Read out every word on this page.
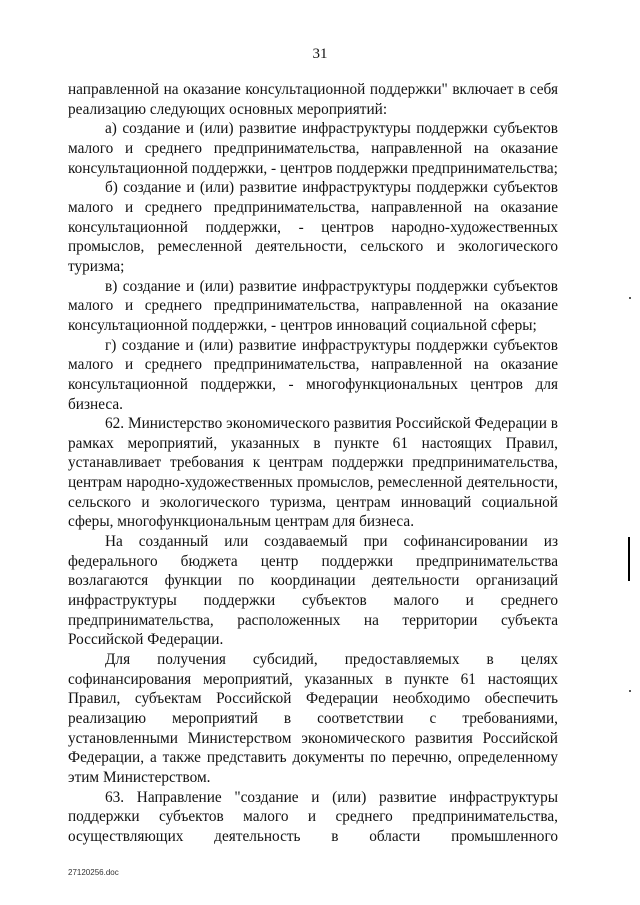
31

направленной на оказание консультационной поддержки" включает в себя реализацию следующих основных мероприятий:

а) создание и (или) развитие инфраструктуры поддержки субъектов малого и среднего предпринимательства, направленной на оказание консультационной поддержки, - центров поддержки предпринимательства;

б) создание и (или) развитие инфраструктуры поддержки субъектов малого и среднего предпринимательства, направленной на оказание консультационной поддержки, - центров народно-художественных промыслов, ремесленной деятельности, сельского и экологического туризма;

в) создание и (или) развитие инфраструктуры поддержки субъектов малого и среднего предпринимательства, направленной на оказание консультационной поддержки, - центров инноваций социальной сферы;

г) создание и (или) развитие инфраструктуры поддержки субъектов малого и среднего предпринимательства, направленной на оказание консультационной поддержки, - многофункциональных центров для бизнеса.

62. Министерство экономического развития Российской Федерации в рамках мероприятий, указанных в пункте 61 настоящих Правил, устанавливает требования к центрам поддержки предпринимательства, центрам народно-художественных промыслов, ремесленной деятельности, сельского и экологического туризма, центрам инноваций социальной сферы, многофункциональным центрам для бизнеса.

На созданный или создаваемый при софинансировании из федерального бюджета центр поддержки предпринимательства возлагаются функции по координации деятельности организаций инфраструктуры поддержки субъектов малого и среднего предпринимательства, расположенных на территории субъекта Российской Федерации.

Для получения субсидий, предоставляемых в целях софинансирования мероприятий, указанных в пункте 61 настоящих Правил, субъектам Российской Федерации необходимо обеспечить реализацию мероприятий в соответствии с требованиями, установленными Министерством экономического развития Российской Федерации, а также представить документы по перечню, определенному этим Министерством.

63. Направление "создание и (или) развитие инфраструктуры поддержки субъектов малого и среднего предпринимательства, осуществляющих деятельность в области промышленного

27120256.doc
